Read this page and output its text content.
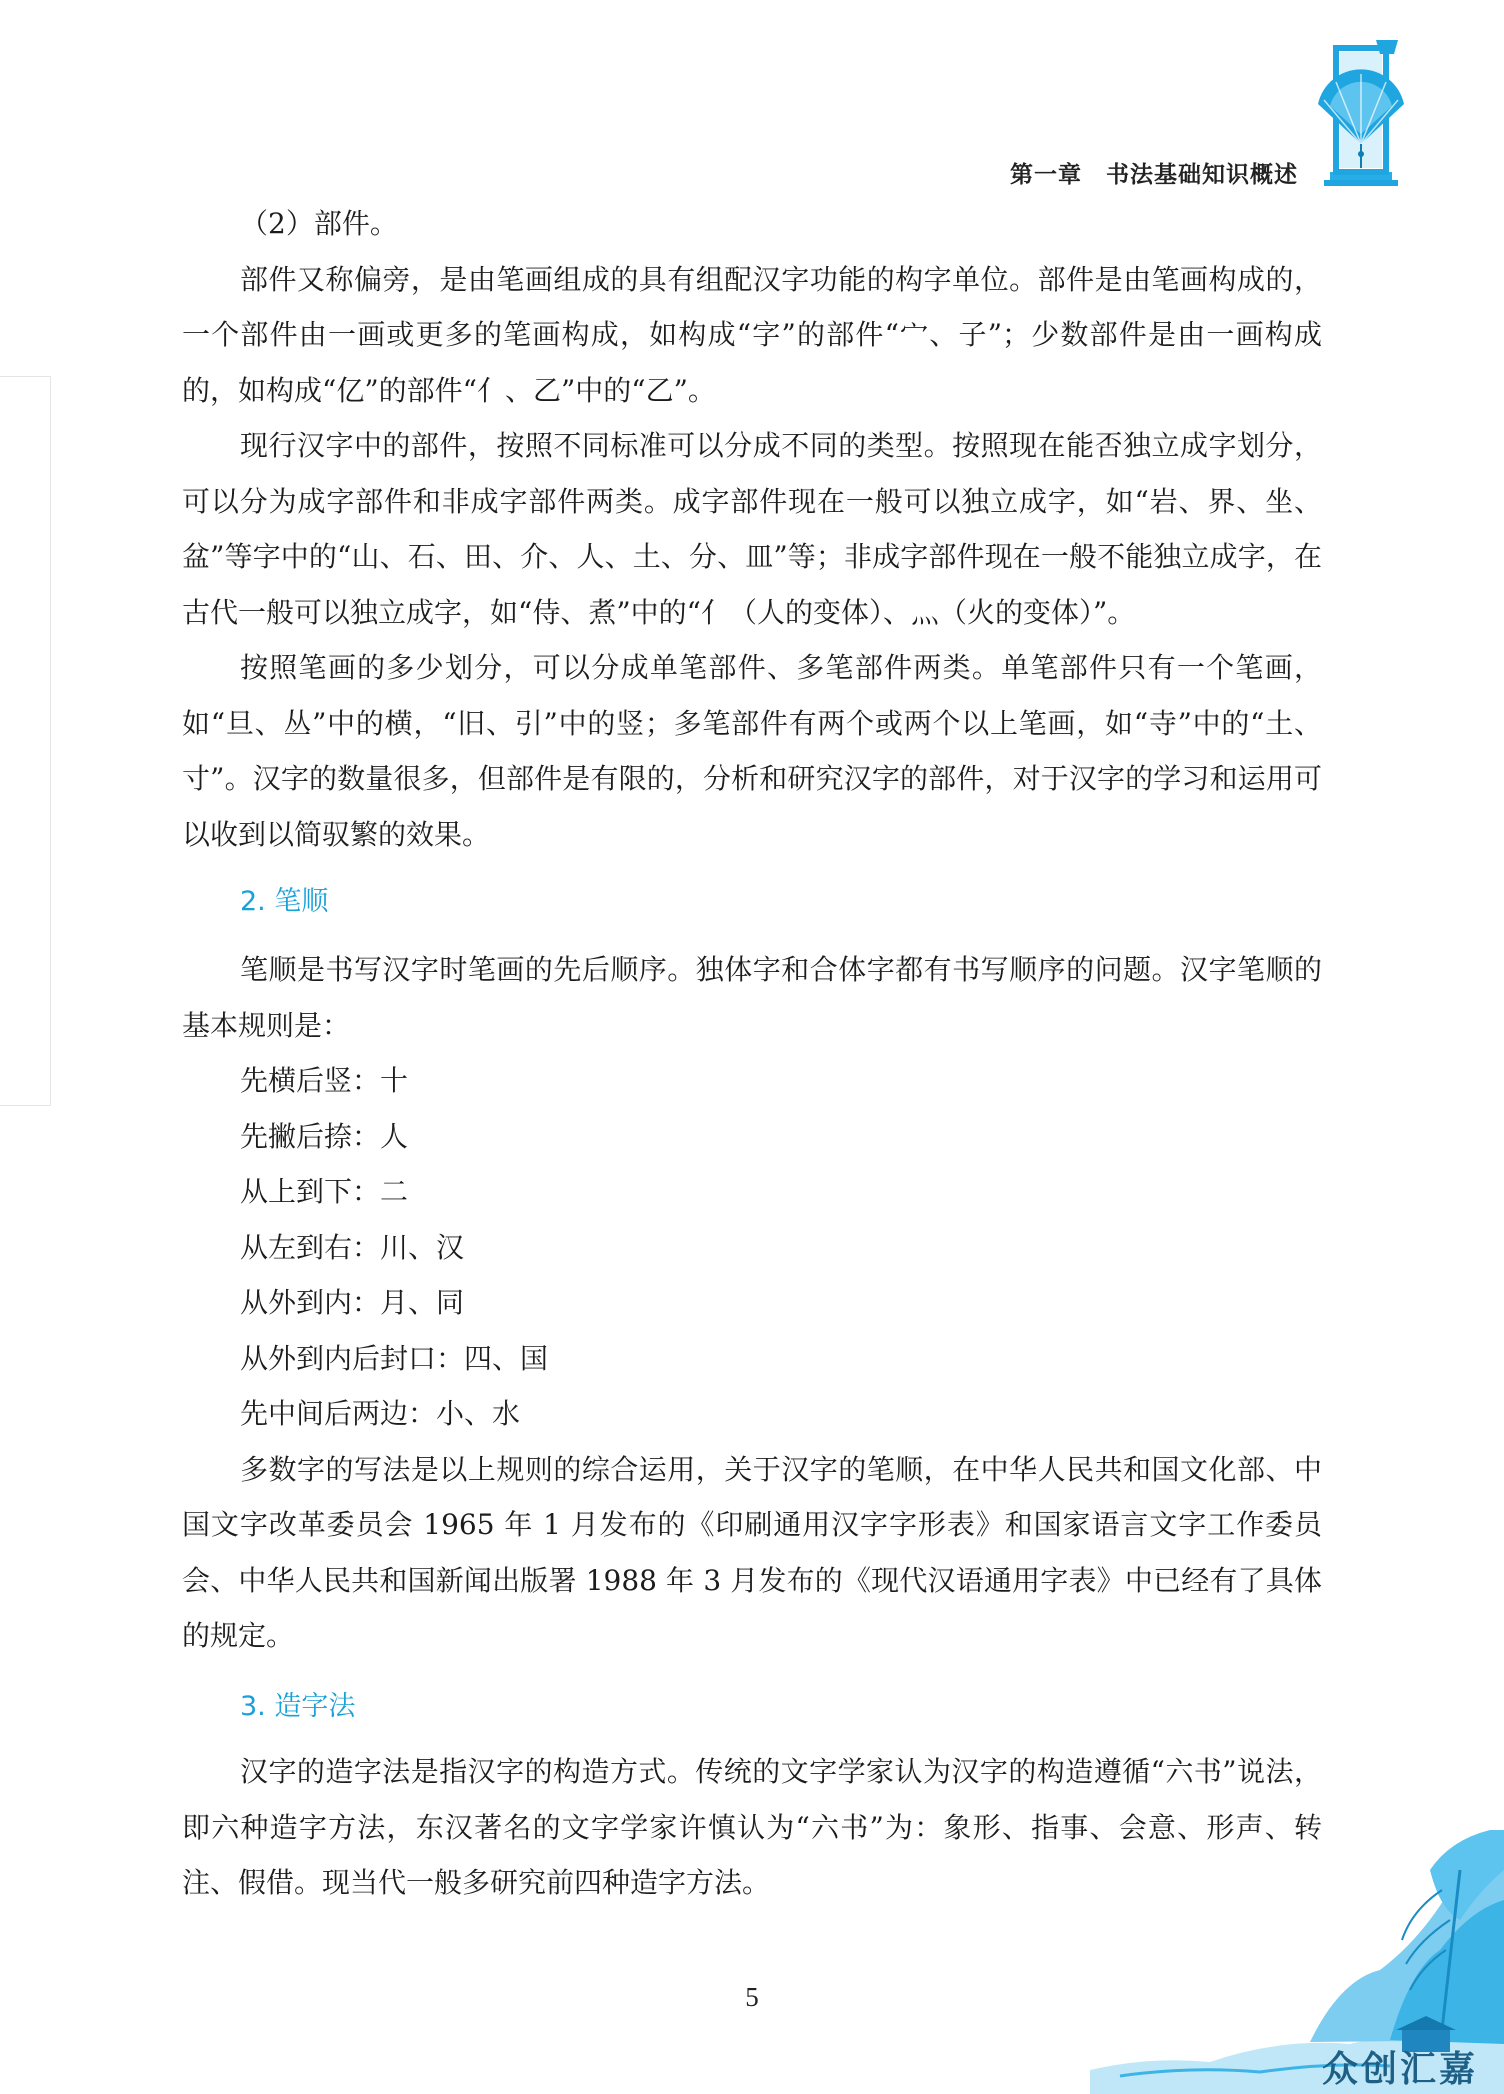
第一章　书法基础知识概述

（2）部件。

部件又称偏旁，是由笔画组成的具有组配汉字功能的构字单位。部件是由笔画构成的，一个部件由一画或更多的笔画构成，如构成“字”的部件“宀、子”；少数部件是由一画构成的，如构成“亿”的部件“亻、乙”中的“乙”。

现行汉字中的部件，按照不同标准可以分成不同的类型。按照现在能否独立成字划分，可以分为成字部件和非成字部件两类。成字部件现在一般可以独立成字，如“岩、界、坐、盆”等字中的“山、石、田、介、人、土、分、皿”等；非成字部件现在一般不能独立成字，在古代一般可以独立成字，如“侍、煮”中的“亻（人的变体）、灬（火的变体）”。

按照笔画的多少划分，可以分成单笔部件、多笔部件两类。单笔部件只有一个笔画，如“旦、丛”中的横，“旧、引”中的竖；多笔部件有两个或两个以上笔画，如“寺”中的“土、寸”。汉字的数量很多，但部件是有限的，分析和研究汉字的部件，对于汉字的学习和运用可以收到以简驭繁的效果。

2. 笔顺

笔顺是书写汉字时笔画的先后顺序。独体字和合体字都有书写顺序的问题。汉字笔顺的基本规则是：

先横后竖：十

先撇后捺：人

从上到下：二

从左到右：川、汉

从外到内：月、同

从外到内后封口：四、国

先中间后两边：小、水

多数字的写法是以上规则的综合运用，关于汉字的笔顺，在中华人民共和国文化部、中国文字改革委员会 1965 年 1 月发布的《印刷通用汉字字形表》和国家语言文字工作委员会、中华人民共和国新闻出版署 1988 年 3 月发布的《现代汉语通用字表》中已经有了具体的规定。

3. 造字法

汉字的造字法是指汉字的构造方式。传统的文字学家认为汉字的构造遵循“六书”说法，即六种造字方法，东汉著名的文字学家许慎认为“六书”为：象形、指事、会意、形声、转注、假借。现当代一般多研究前四种造字方法。

5
众创汇嘉
